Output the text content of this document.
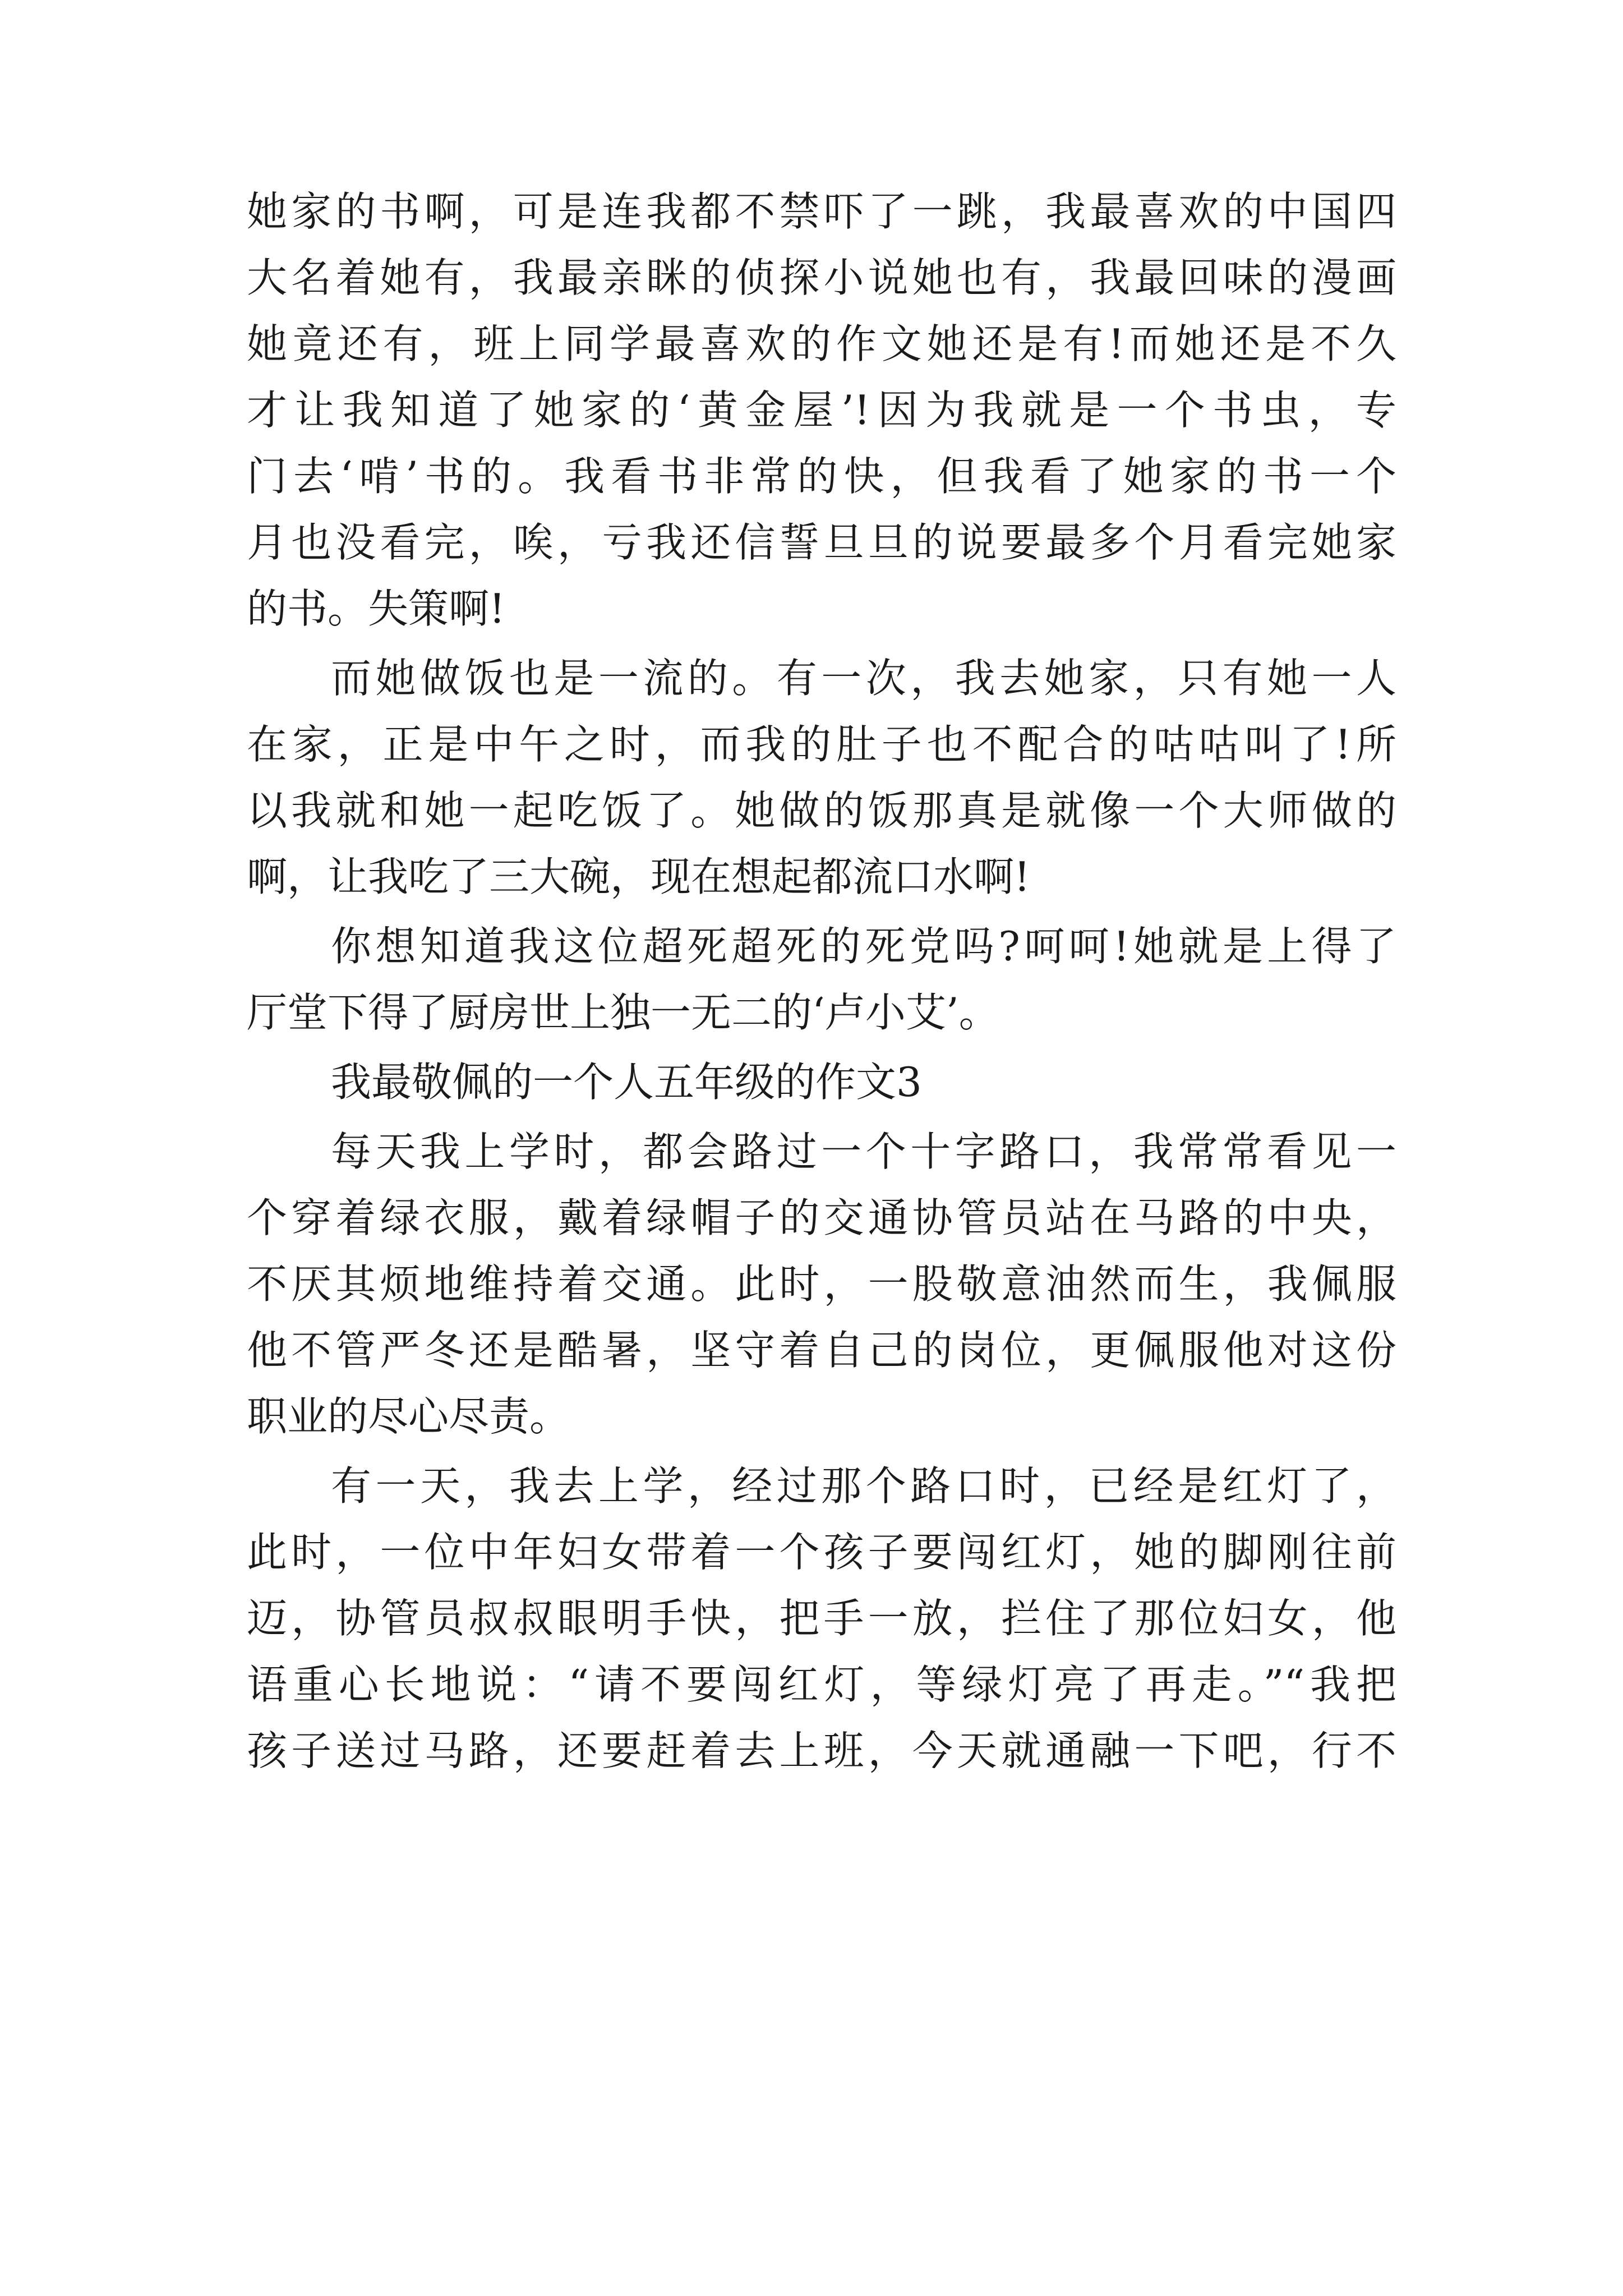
她家的书啊，可是连我都不禁吓了一跳，我最喜欢的中国四
大名着她有，我最亲眯的侦探小说她也有，我最回味的漫画
她竟还有，班上同学最喜欢的作文她还是有!而她还是不久
才让我知道了她家的‘黄金屋’!因为我就是一个书虫，专
门去‘啃’书的。我看书非常的快，但我看了她家的书一个
月也没看完，唉，亏我还信誓旦旦的说要最多个月看完她家
的书。失策啊!
而她做饭也是一流的。有一次，我去她家，只有她一人
在家，正是中午之时，而我的肚子也不配合的咕咕叫了!所
以我就和她一起吃饭了。她做的饭那真是就像一个大师做的
啊，让我吃了三大碗，现在想起都流口水啊!
你想知道我这位超死超死的死党吗?呵呵!她就是上得了
厅堂下得了厨房世上独一无二的‘卢小艾’。
我最敬佩的一个人五年级的作文3
每天我上学时，都会路过一个十字路口，我常常看见一
个穿着绿衣服，戴着绿帽子的交通协管员站在马路的中央，
不厌其烦地维持着交通。此时，一股敬意油然而生，我佩服
他不管严冬还是酷暑，坚守着自己的岗位，更佩服他对这份
职业的尽心尽责。
有一天，我去上学，经过那个路口时，已经是红灯了，
此时，一位中年妇女带着一个孩子要闯红灯，她的脚刚往前
迈，协管员叔叔眼明手快，把手一放，拦住了那位妇女，他
语重心长地说：“请不要闯红灯，等绿灯亮了再走。”“我把
孩子送过马路，还要赶着去上班，今天就通融一下吧，行不
